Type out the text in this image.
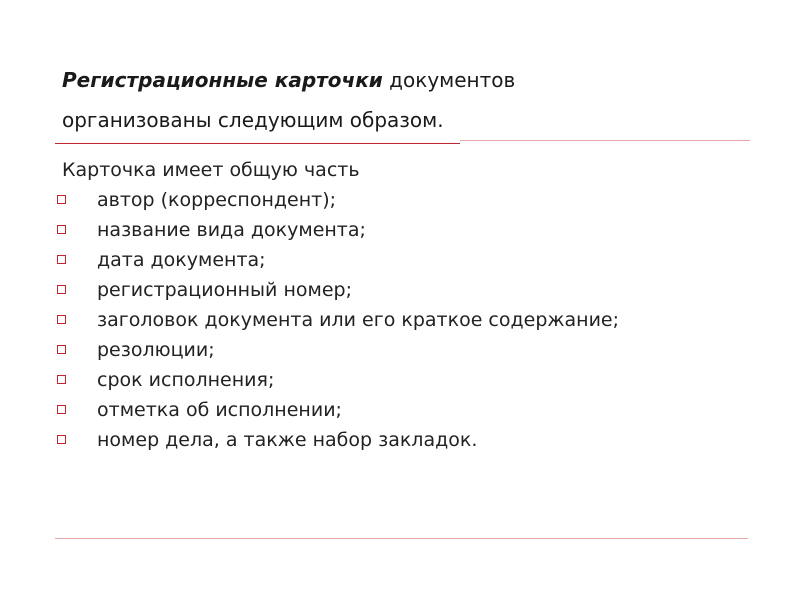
Регистрационные карточки документов
организованы следующим образом.
Карточка имеет общую часть
автор (корреспондент);
название вида документа;
дата документа;
регистрационный номер;
заголовок документа или его краткое содержание;
резолюции;
срок исполнения;
отметка об исполнении;
номер дела, а также набор закладок.
